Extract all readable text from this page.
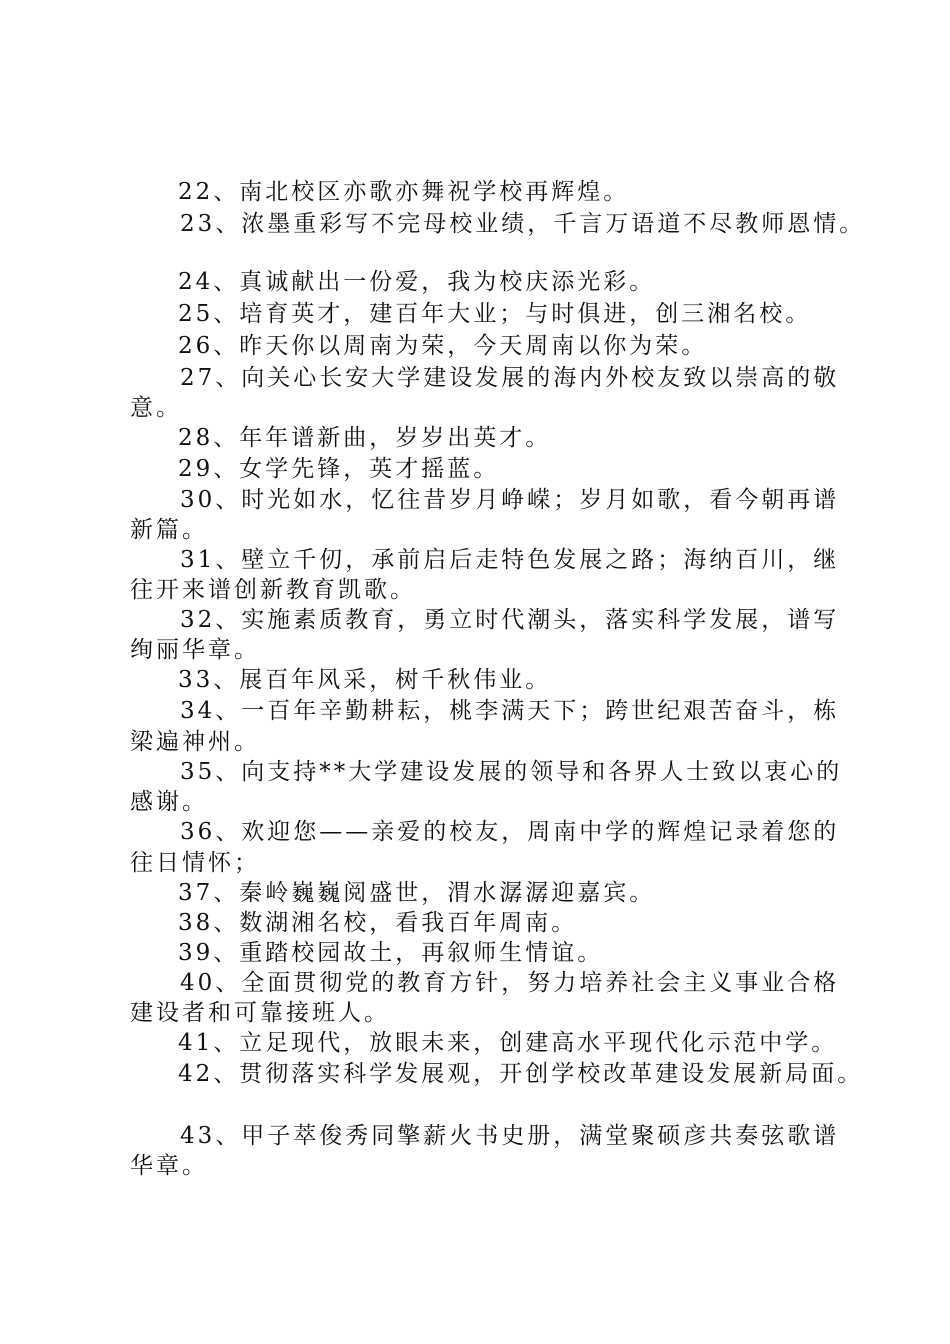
22、南北校区亦歌亦舞祝学校再辉煌。
23、浓墨重彩写不完母校业绩，千言万语道不尽教师恩情。
24、真诚献出一份爱，我为校庆添光彩。
25、培育英才，建百年大业；与时俱进，创三湘名校。
26、昨天你以周南为荣，今天周南以你为荣。
27、向关心长安大学建设发展的海内外校友致以崇高的敬
意。
28、年年谱新曲，岁岁出英才。
29、女学先锋，英才摇蓝。
30、时光如水，忆往昔岁月峥嵘；岁月如歌，看今朝再谱
新篇。
31、壁立千仞，承前启后走特色发展之路；海纳百川，继
往开来谱创新教育凯歌。
32、实施素质教育，勇立时代潮头，落实科学发展，谱写
绚丽华章。
33、展百年风采，树千秋伟业。
34、一百年辛勤耕耘，桃李满天下；跨世纪艰苦奋斗，栋
梁遍神州。
35、向支持**大学建设发展的领导和各界人士致以衷心的
感谢。
36、欢迎您——亲爱的校友，周南中学的辉煌记录着您的
往日情怀；
37、秦岭巍巍阅盛世，渭水潺潺迎嘉宾。
38、数湖湘名校，看我百年周南。
39、重踏校园故土，再叙师生情谊。
40、全面贯彻党的教育方针，努力培养社会主义事业合格
建设者和可靠接班人。
41、立足现代，放眼未来，创建高水平现代化示范中学。
42、贯彻落实科学发展观，开创学校改革建设发展新局面。
43、甲子萃俊秀同擎薪火书史册，满堂聚硕彦共奏弦歌谱
华章。
